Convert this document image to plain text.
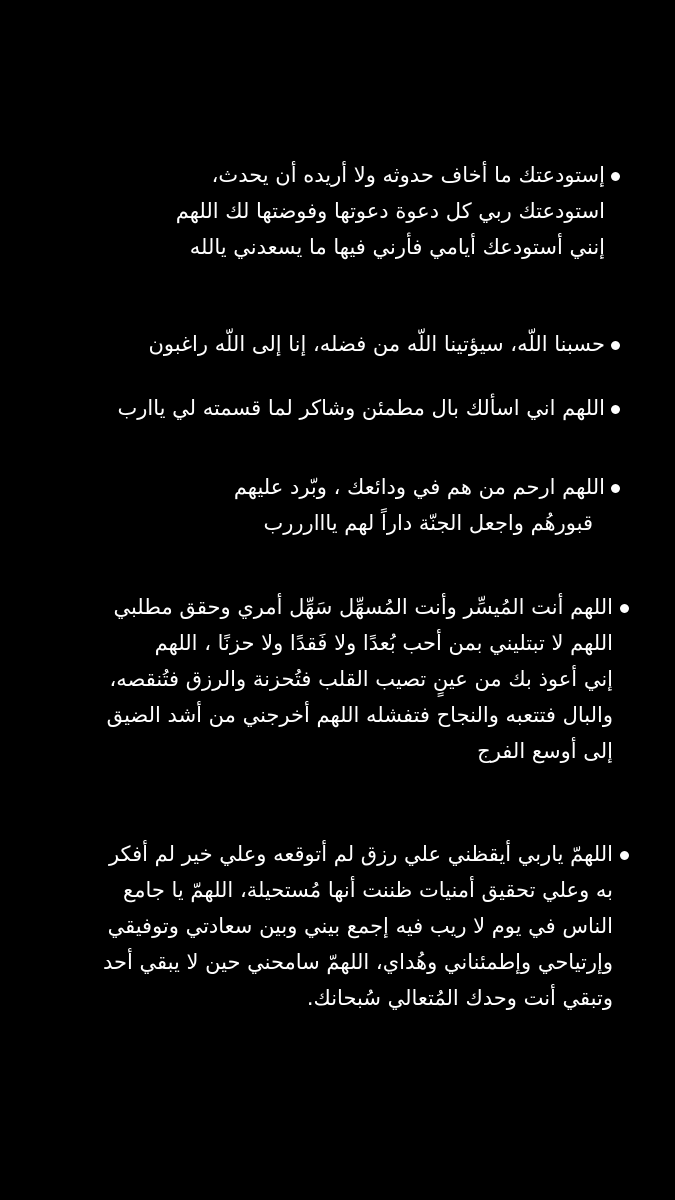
إستودعتك ما أخاف حدوثه ولا أريده أن يحدث،
استودعتك ربي كل دعوة دعوتها وفوضتها لك اللهم
إنني أستودعك أيامي فأرني فيها ما يسعدني يالله
حسبنا اللّه، سيؤتينا اللّه من فضله، إنا إلى اللّه راغبون
اللهم اني اسألك بال مطمئن وشاكر لما قسمته لي ياارب
اللهم ارحم من هم في ودائعك ، وبّرد عليهم
قبورهُم واجعل الجنّة داراً لهم يااارررب
اللهم أنت المُيسِّر وأنت المُسهِّل سَهِّل أمري وحقق مطلبي
اللهم لا تبتليني بمن أحب بُعدًا ولا فَقدًا ولا حزنًا ، اللهم
إني أعوذ بك من عينٍ تصيب القلب فتُحزنة والرزق فتُنقصه،
والبال فتتعبه والنجاح فتفشله اللهم أخرجني من أشد الضيق
إلى أوسع الفرج
اللهمّ ياربي أيقظني علي رزق لم أتوقعه وعلي خير لم أفكر
به وعلي تحقيق أمنيات ظننت أنها مُستحيلة، اللهمّ يا جامع
الناس في يوم لا ريب فيه إجمع بيني وبين سعادتي وتوفيقي
وإرتياحي وإطمئناني وهُداي، اللهمّ سامحني حين لا يبقي أحد
وتبقي أنت وحدك المُتعالي سُبحانك.
